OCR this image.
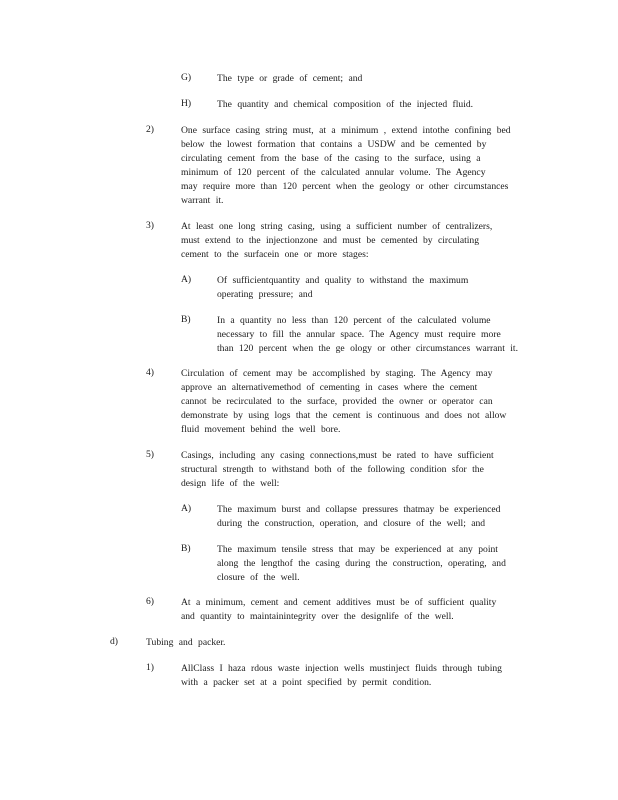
G)	The type or grade of cement; and
H)	The quantity and chemical composition of the injected fluid.
2)	One surface casing string must, at a minimum , extend intothe confining bed
below the lowest formation that contains a USDW and be cemented by
circulating cement from the base of the casing to the surface, using a
minimum of 120 percent of the calculated annular volume. The Agency
may require more than 120 percent when the geology or other circumstances
warrant it.
3)	At least one long string casing, using a sufficient number of centralizers,
must extend to the injectionzone and must be cemented by circulating
cement to the surfacein one or more stages:
A)	Of sufficientquantity and quality to withstand the maximum
operating pressure; and
B)	In a quantity no less than 120 percent of the calculated volume
necessary to fill the annular space. The Agency must require more
than 120 percent when the ge ology or other circumstances warrant it.
4)	Circulation of cement may be accomplished by staging. The Agency may
approve an alternativemethod of cementing in cases where the cement
cannot be recirculated to the surface, provided the owner or operator can
demonstrate by using logs that the cement is continuous and does not allow
fluid movement behind the well bore.
5)	Casings, including any casing connections,must be rated to have sufficient
structural strength to withstand both of the following condition sfor the
design life of the well:
A)	The maximum burst and collapse pressures thatmay be experienced
during the construction, operation, and closure of the well; and
B)	The maximum tensile stress that may be experienced at any point
along the lengthof the casing during the construction, operating, and
closure of the well.
6)	At a minimum, cement and cement additives must be of sufficient quality
and quantity to maintainintegrity over the designlife of the well.
d)	Tubing and packer.
1)	AllClass I haza rdous waste injection wells mustinject fluids through tubing
with a packer set at a point specified by permit condition.
